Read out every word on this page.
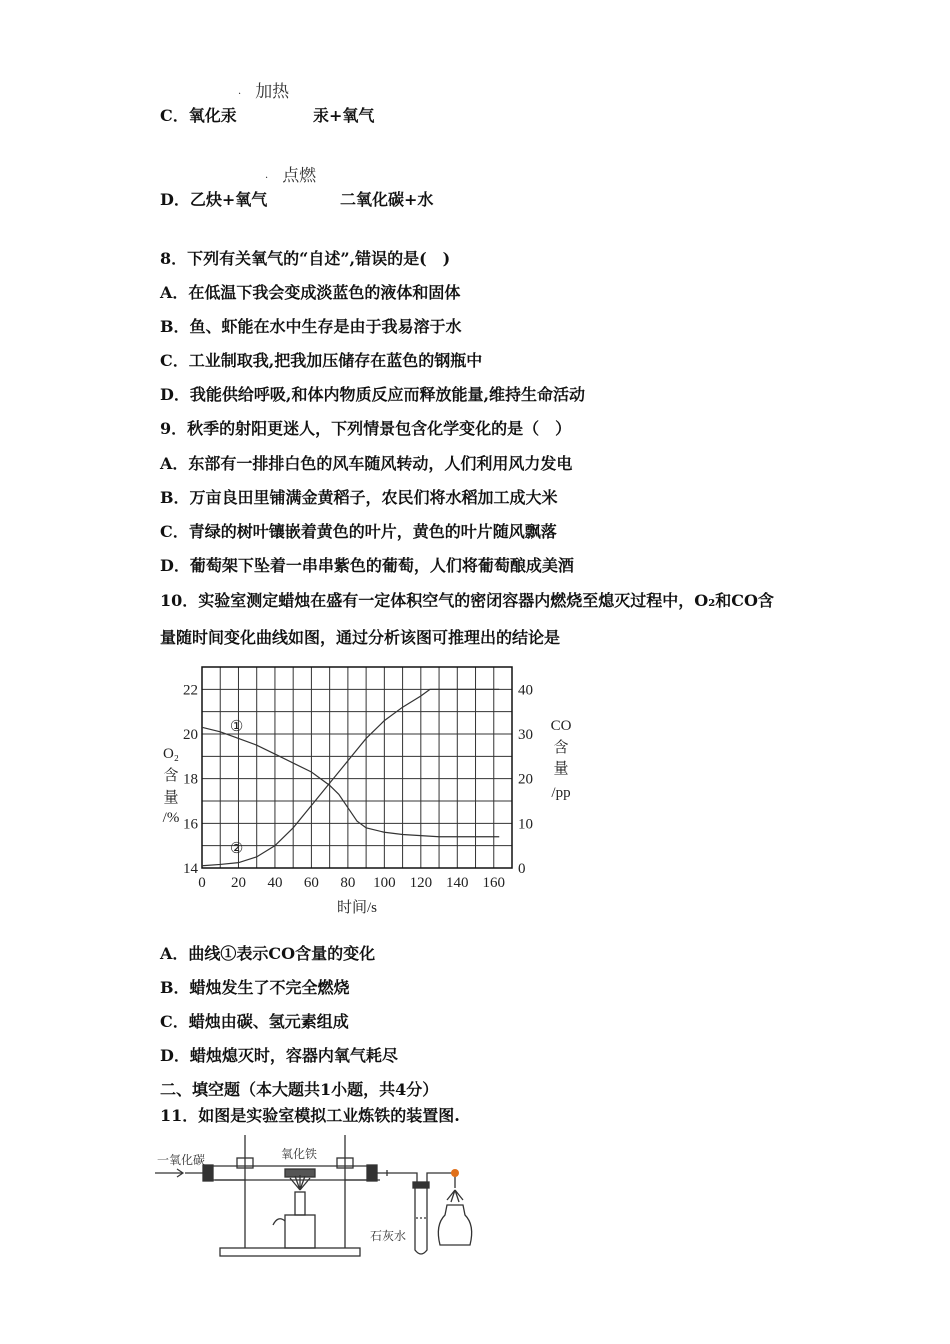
· 加热
C．氧化汞	汞+氧气
· 点燃
D．乙炔+氧气	二氧化碳+水
8．下列有关氧气的“自述”,错误的是(　)
A．在低温下我会变成淡蓝色的液体和固体
B．鱼、虾能在水中生存是由于我易溶于水
C．工业制取我,把我加压储存在蓝色的钢瓶中
D．我能供给呼吸,和体内物质反应而释放能量,维持生命活动
9．秋季的射阳更迷人，下列情景包含化学变化的是（　）
A．东部有一排排白色的风车随风转动，人们利用风力发电
B．万亩良田里铺满金黄稻子，农民们将水稻加工成大米
C．青绿的树叶镶嵌着黄色的叶片，黄色的叶片随风飘落
D．葡萄架下坠着一串串紫色的葡萄，人们将葡萄酿成美酒
10．实验室测定蜡烛在盛有一定体积空气的密闭容器内燃烧至熄灭过程中，O₂和CO含
量随时间变化曲线如图，通过分析该图可推理出的结论是
0 20 40 60 80 100 120 140 160
14
16
18
20
22
0
10
20
30
40
①
②
时间/s
O₂
含
量
/%
CO
含
量
/pp
A．曲线①表示CO含量的变化
B．蜡烛发生了不完全燃烧
C．蜡烛由碳、氢元素组成
D．蜡烛熄灭时，容器内氧气耗尽
二、填空题（本大题共1小题，共4分）
11．如图是实验室模拟工业炼铁的装置图.
一氧化碳	氧化铁
石灰水
